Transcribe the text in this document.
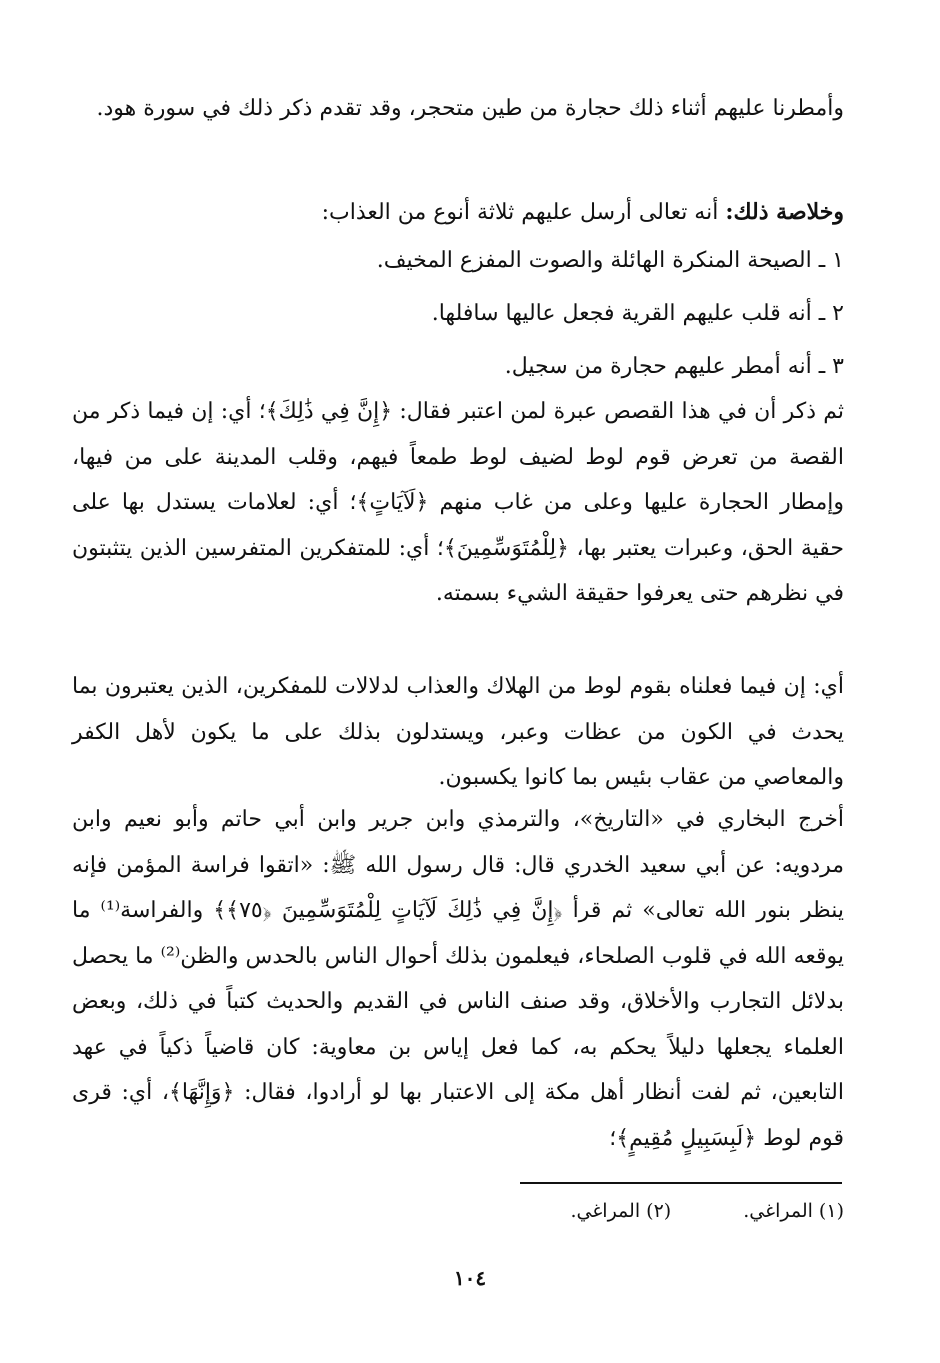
وأمطرنا عليهم أثناء ذلك حجارة من طين متحجر، وقد تقدم ذكر ذلك في سورة هود.

وخلاصة ذلك: أنه تعالى أرسل عليهم ثلاثة أنوع من العذاب:

١ ـ الصيحة المنكرة الهائلة والصوت المفزع المخيف.

٢ ـ أنه قلب عليهم القرية فجعل عاليها سافلها.

٣ ـ أنه أمطر عليهم حجارة من سجيل.

ثم ذكر أن في هذا القصص عبرة لمن اعتبر فقال: ﴿إِنَّ فِي ذَٰلِكَ﴾؛ أي: إن فيما ذكر من القصة من تعرض قوم لوط لضيف لوط طمعاً فيهم، وقلب المدينة على من فيها، وإمطار الحجارة عليها وعلى من غاب منهم ﴿لَآيَاتٍ﴾؛ أي: لعلامات يستدل بها على حقية الحق، وعبرات يعتبر بها، ﴿لِلْمُتَوَسِّمِينَ﴾؛ أي: للمتفكرين المتفرسين الذين يتثبتون في نظرهم حتى يعرفوا حقيقة الشيء بسمته.

أي: إن فيما فعلناه بقوم لوط من الهلاك والعذاب لدلالات للمفكرين، الذين يعتبرون بما يحدث في الكون من عظات وعبر، ويستدلون بذلك على ما يكون لأهل الكفر والمعاصي من عقاب بئيس بما كانوا يكسبون.

أخرج البخاري في «التاريخ»، والترمذي وابن جرير وابن أبي حاتم وأبو نعيم وابن مردويه: عن أبي سعيد الخدري قال: قال رسول الله ﷺ: «اتقوا فراسة المؤمن فإنه ينظر بنور الله تعالى» ثم قرأ ﴿إِنَّ فِي ذَٰلِكَ لَآيَاتٍ لِلْمُتَوَسِّمِينَ ﴿٧٥﴾﴾ والفراسة⁽¹⁾ ما يوقعه الله في قلوب الصلحاء، فيعلمون بذلك أحوال الناس بالحدس والظن⁽²⁾ ما يحصل بدلائل التجارب والأخلاق، وقد صنف الناس في القديم والحديث كتباً في ذلك، وبعض العلماء يجعلها دليلاً يحكم به، كما فعل إياس بن معاوية: كان قاضياً ذكياً في عهد التابعين، ثم لفت أنظار أهل مكة إلى الاعتبار بها لو أرادوا، فقال: ﴿وَإِنَّهَا﴾، أي: قرى قوم لوط ﴿لَبِسَبِيلٍ مُقِيمٍ﴾؛

(١) المراغي. (٢) المراغي.
١٠٤
